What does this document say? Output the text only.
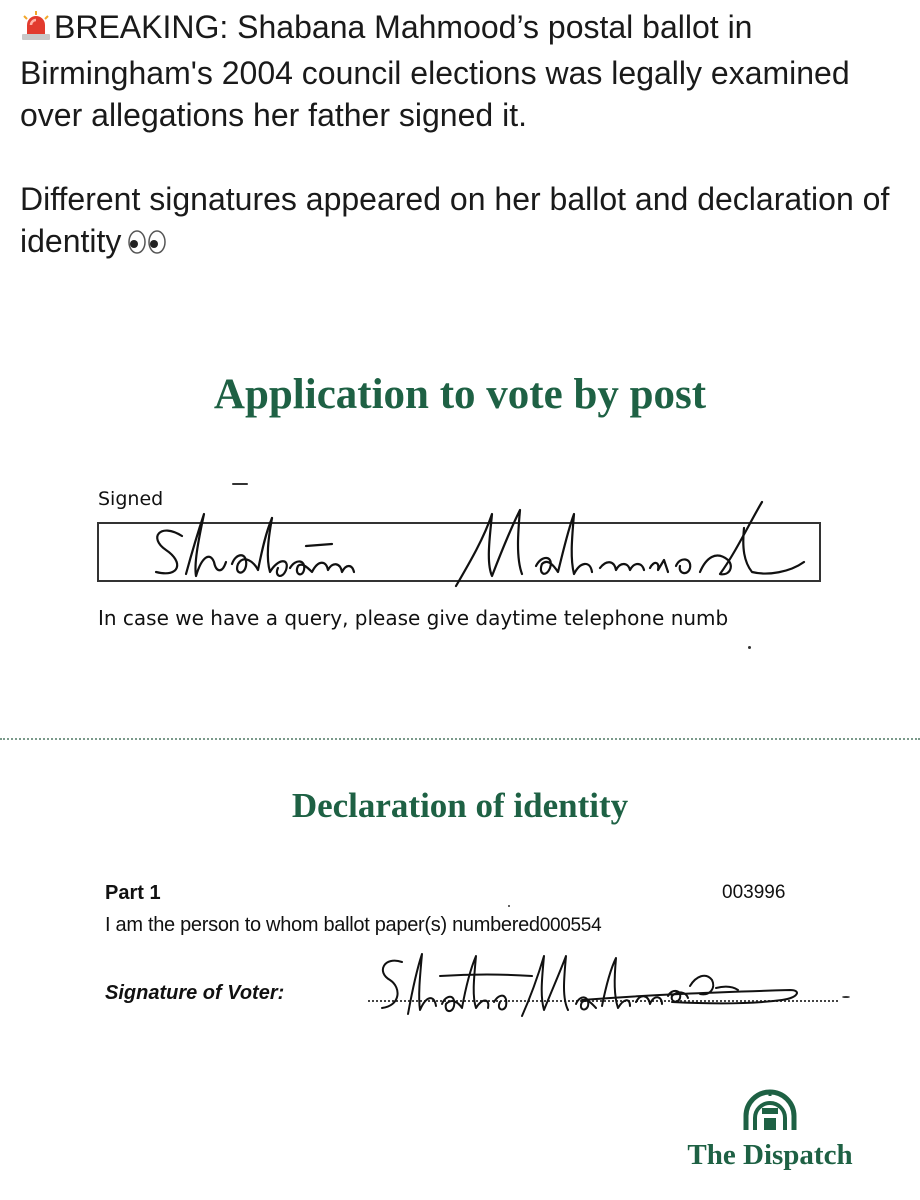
BREAKING: Shabana Mahmood’s postal ballot in Birmingham's 2004 council elections was legally examined over allegations her father signed it.

Different signatures appeared on her ballot and declaration of identity

Application to vote by post
Signed
In case we have a query, please give daytime telephone numb
Declaration of identity
Part 1	003996
I am the person to whom ballot paper(s) numbered000554
Signature of Voter:
The Dispatch
